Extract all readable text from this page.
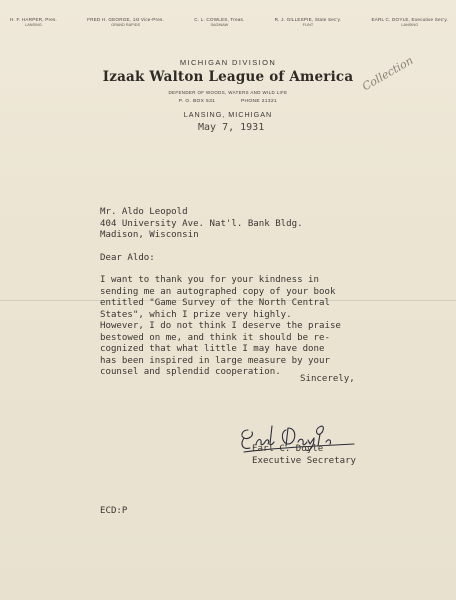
H. F. HARPER, Pres.
LANSING
FRED H. GEORGE, 1st Vice-Pres.
GRAND RAPIDS
C. L. COWLES, Treas.
SAGINAW
R. J. GILLESPIE, State Sec'y.
FLINT
EARL C. DOYLE, Executive Sec'y.
LANSING
MICHIGAN DIVISION
Izaak Walton League of America
DEFENDER OF WOODS, WATERS AND WILD LIFE
P. O. BOX 531	PHONE 21321
LANSING, MICHIGAN
May 7, 1931
Collection
Mr. Aldo Leopold
404 University Ave. Nat'l. Bank Bldg.
Madison, Wisconsin
Dear Aldo:
I want to thank you for your kindness in
sending me an autographed copy of your book
entitled "Game Survey of the North Central
States", which I prize very highly.
However, I do not think I deserve the praise
bestowed on me, and think it should be re-
cognized that what little I may have done
has been inspired in large measure by your
counsel and splendid cooperation.
Sincerely,
Earl C. Doyle
Executive Secretary
ECD:P
